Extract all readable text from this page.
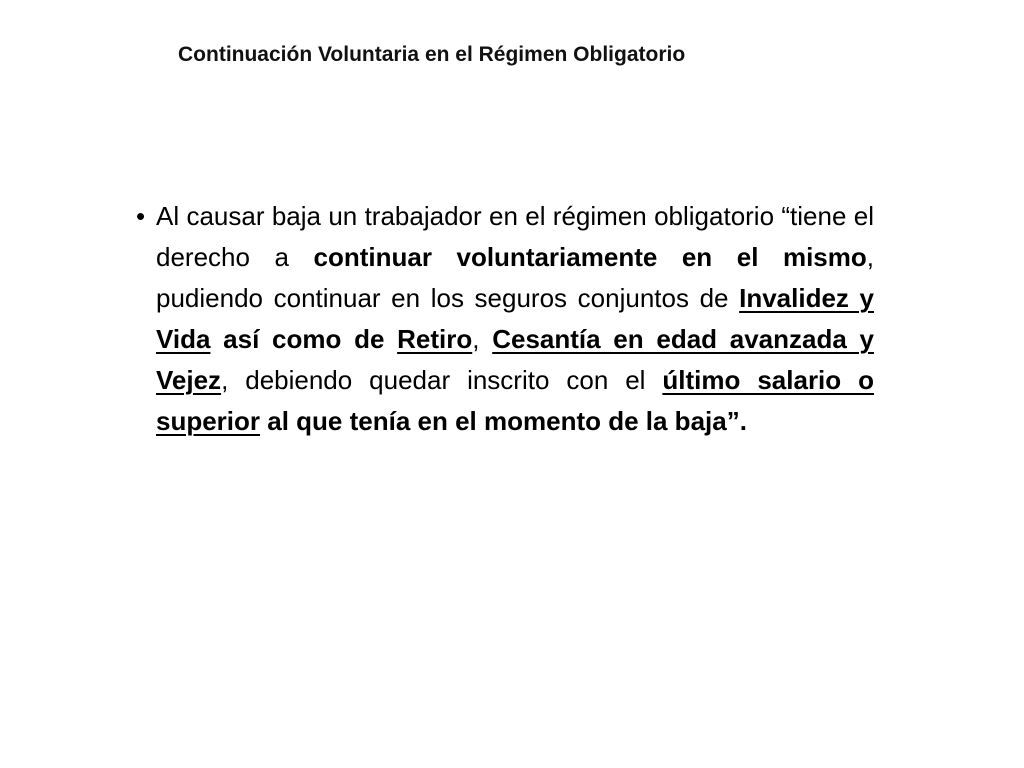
Continuación Voluntaria en el Régimen Obligatorio
• Al causar baja un trabajador en el régimen obligatorio “tiene el derecho a continuar voluntariamente en el mismo, pudiendo continuar en los seguros conjuntos de Invalidez y Vida así como de Retiro, Cesantía en edad avanzada y Vejez, debiendo quedar inscrito con el último salario o superior al que tenía en el momento de la baja”.
